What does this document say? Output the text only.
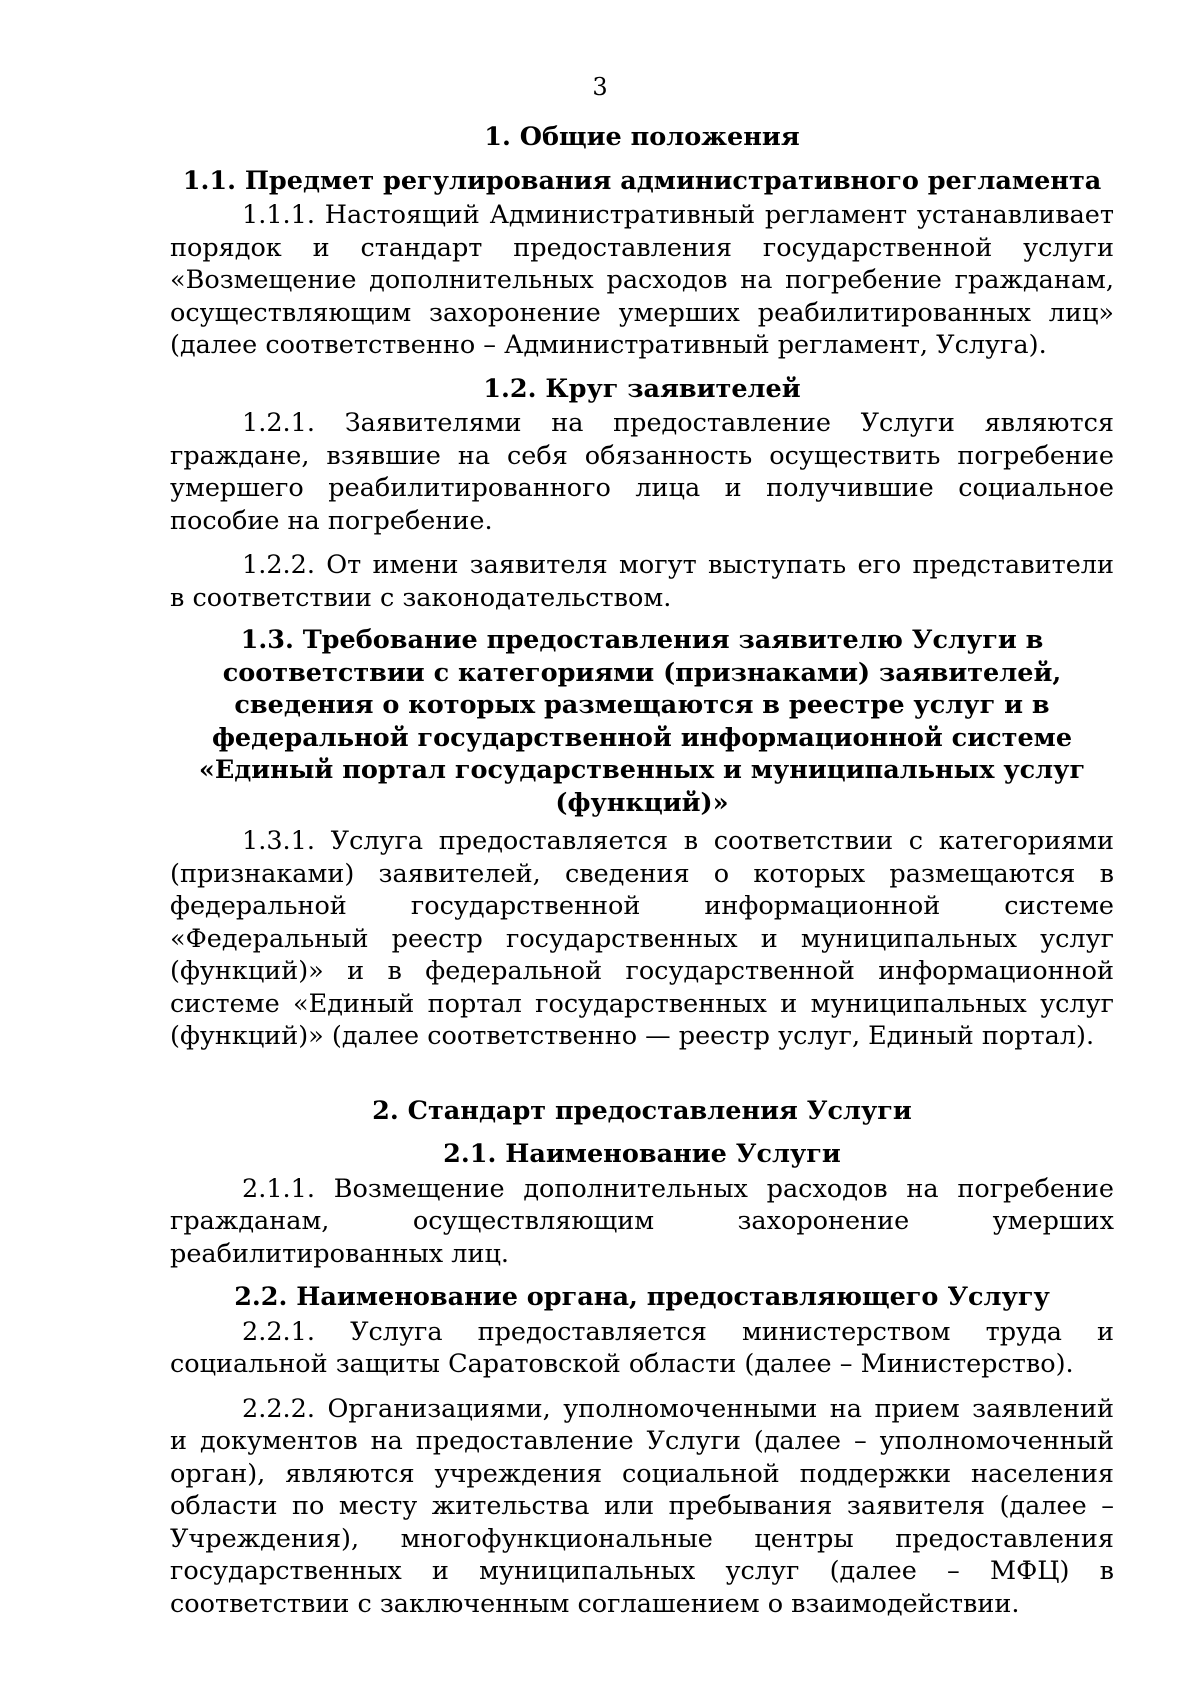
3

1. Общие положения

1.1. Предмет регулирования административного регламента

1.1.1. Настоящий Административный регламент устанавливает порядок и стандарт предоставления государственной услуги «Возмещение дополнительных расходов на погребение гражданам, осуществляющим захоронение умерших реабилитированных лиц» (далее соответственно – Административный регламент, Услуга).

1.2. Круг заявителей

1.2.1. Заявителями на предоставление Услуги являются граждане, взявшие на себя обязанность осуществить погребение умершего реабилитированного лица и получившие социальное пособие на погребение.

1.2.2. От имени заявителя могут выступать его представители в соответствии с законодательством.

1.3. Требование предоставления заявителю Услуги в соответствии с категориями (признаками) заявителей, сведения о которых размещаются в реестре услуг и в федеральной государственной информационной системе «Единый портал государственных и муниципальных услуг (функций)»

1.3.1. Услуга предоставляется в соответствии с категориями (признаками) заявителей, сведения о которых размещаются в федеральной государственной информационной системе «Федеральный реестр государственных и муниципальных услуг (функций)» и в федеральной государственной информационной системе «Единый портал государственных и муниципальных услуг (функций)» (далее соответственно — реестр услуг, Единый портал).

2. Стандарт предоставления Услуги

2.1. Наименование Услуги

2.1.1. Возмещение дополнительных расходов на погребение гражданам, осуществляющим захоронение умерших реабилитированных лиц.

2.2. Наименование органа, предоставляющего Услугу

2.2.1. Услуга предоставляется министерством труда и социальной защиты Саратовской области (далее – Министерство).

2.2.2. Организациями, уполномоченными на прием заявлений и документов на предоставление Услуги (далее – уполномоченный орган), являются учреждения социальной поддержки населения области по месту жительства или пребывания заявителя (далее – Учреждения), многофункциональные центры предоставления государственных и муниципальных услуг (далее – МФЦ) в соответствии с заключенным соглашением о взаимодействии.
